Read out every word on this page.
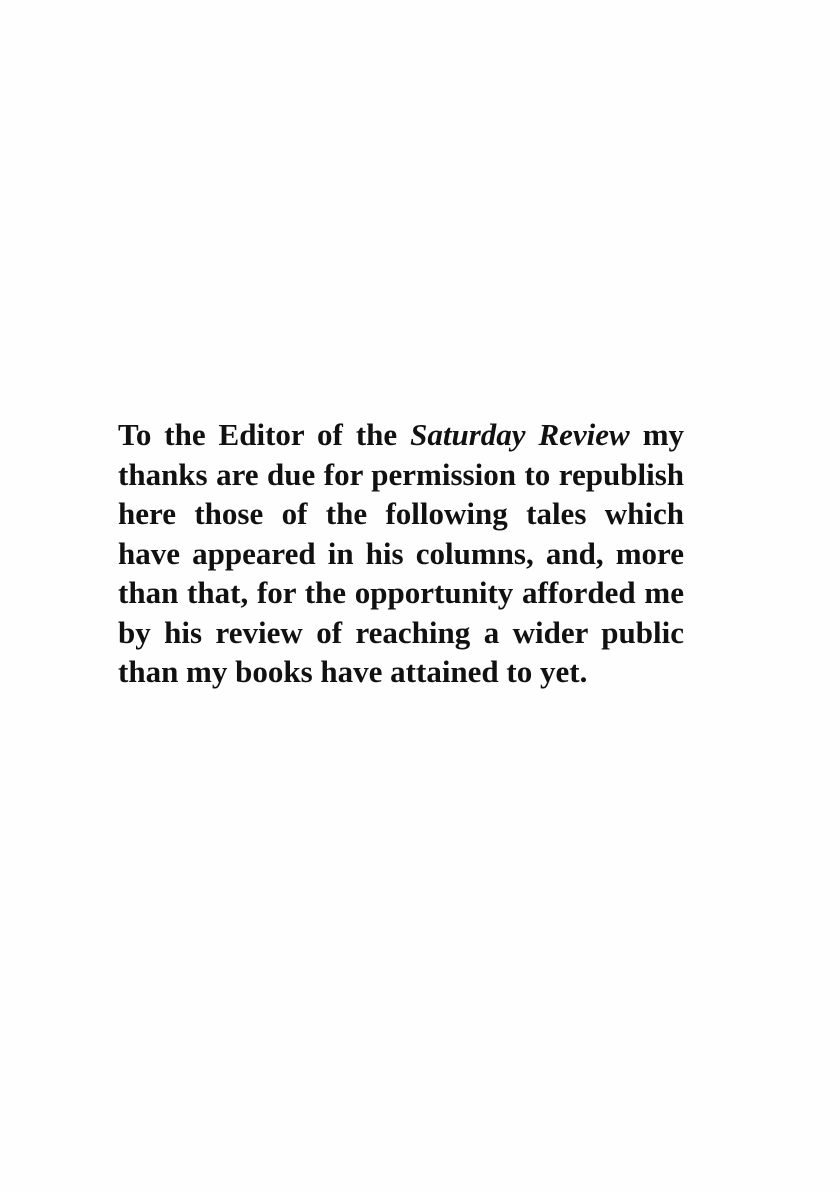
To the Editor of the Saturday Review my
thanks are due for permission to republish
here those of the following tales which
have appeared in his columns, and, more
than that, for the opportunity afforded me
by his review of reaching a wider public
than my books have attained to yet.
